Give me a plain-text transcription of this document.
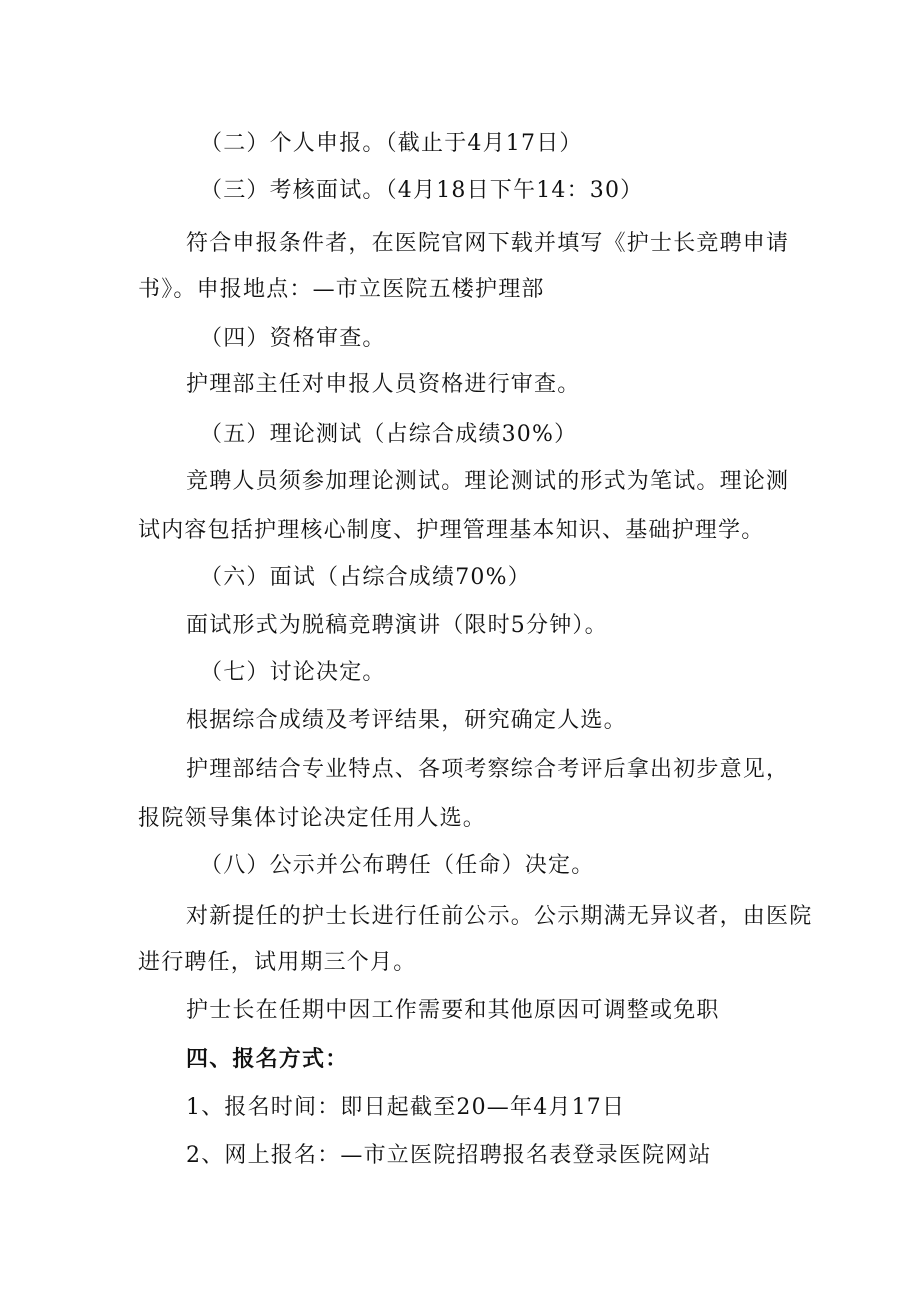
（二）个人申报。（截止于4月17日）
（三）考核面试。（4月18日下午14：30）
符合申报条件者，在医院官网下载并填写《护士长竞聘申请
书》。申报地点：—市立医院五楼护理部
（四）资格审查。
护理部主任对申报人员资格进行审查。
（五）理论测试（占综合成绩30%）
竞聘人员须参加理论测试。理论测试的形式为笔试。理论测
试内容包括护理核心制度、护理管理基本知识、基础护理学。
（六）面试（占综合成绩70%）
面试形式为脱稿竞聘演讲（限时5分钟）。
（七）讨论决定。
根据综合成绩及考评结果，研究确定人选。
护理部结合专业特点、各项考察综合考评后拿出初步意见，
报院领导集体讨论决定任用人选。
（八）公示并公布聘任（任命）决定。
对新提任的护士长进行任前公示。公示期满无异议者，由医院
进行聘任，试用期三个月。
护士长在任期中因工作需要和其他原因可调整或免职
四、报名方式：
1、报名时间：即日起截至20—年4月17日
2、网上报名：—市立医院招聘报名表登录医院网站
